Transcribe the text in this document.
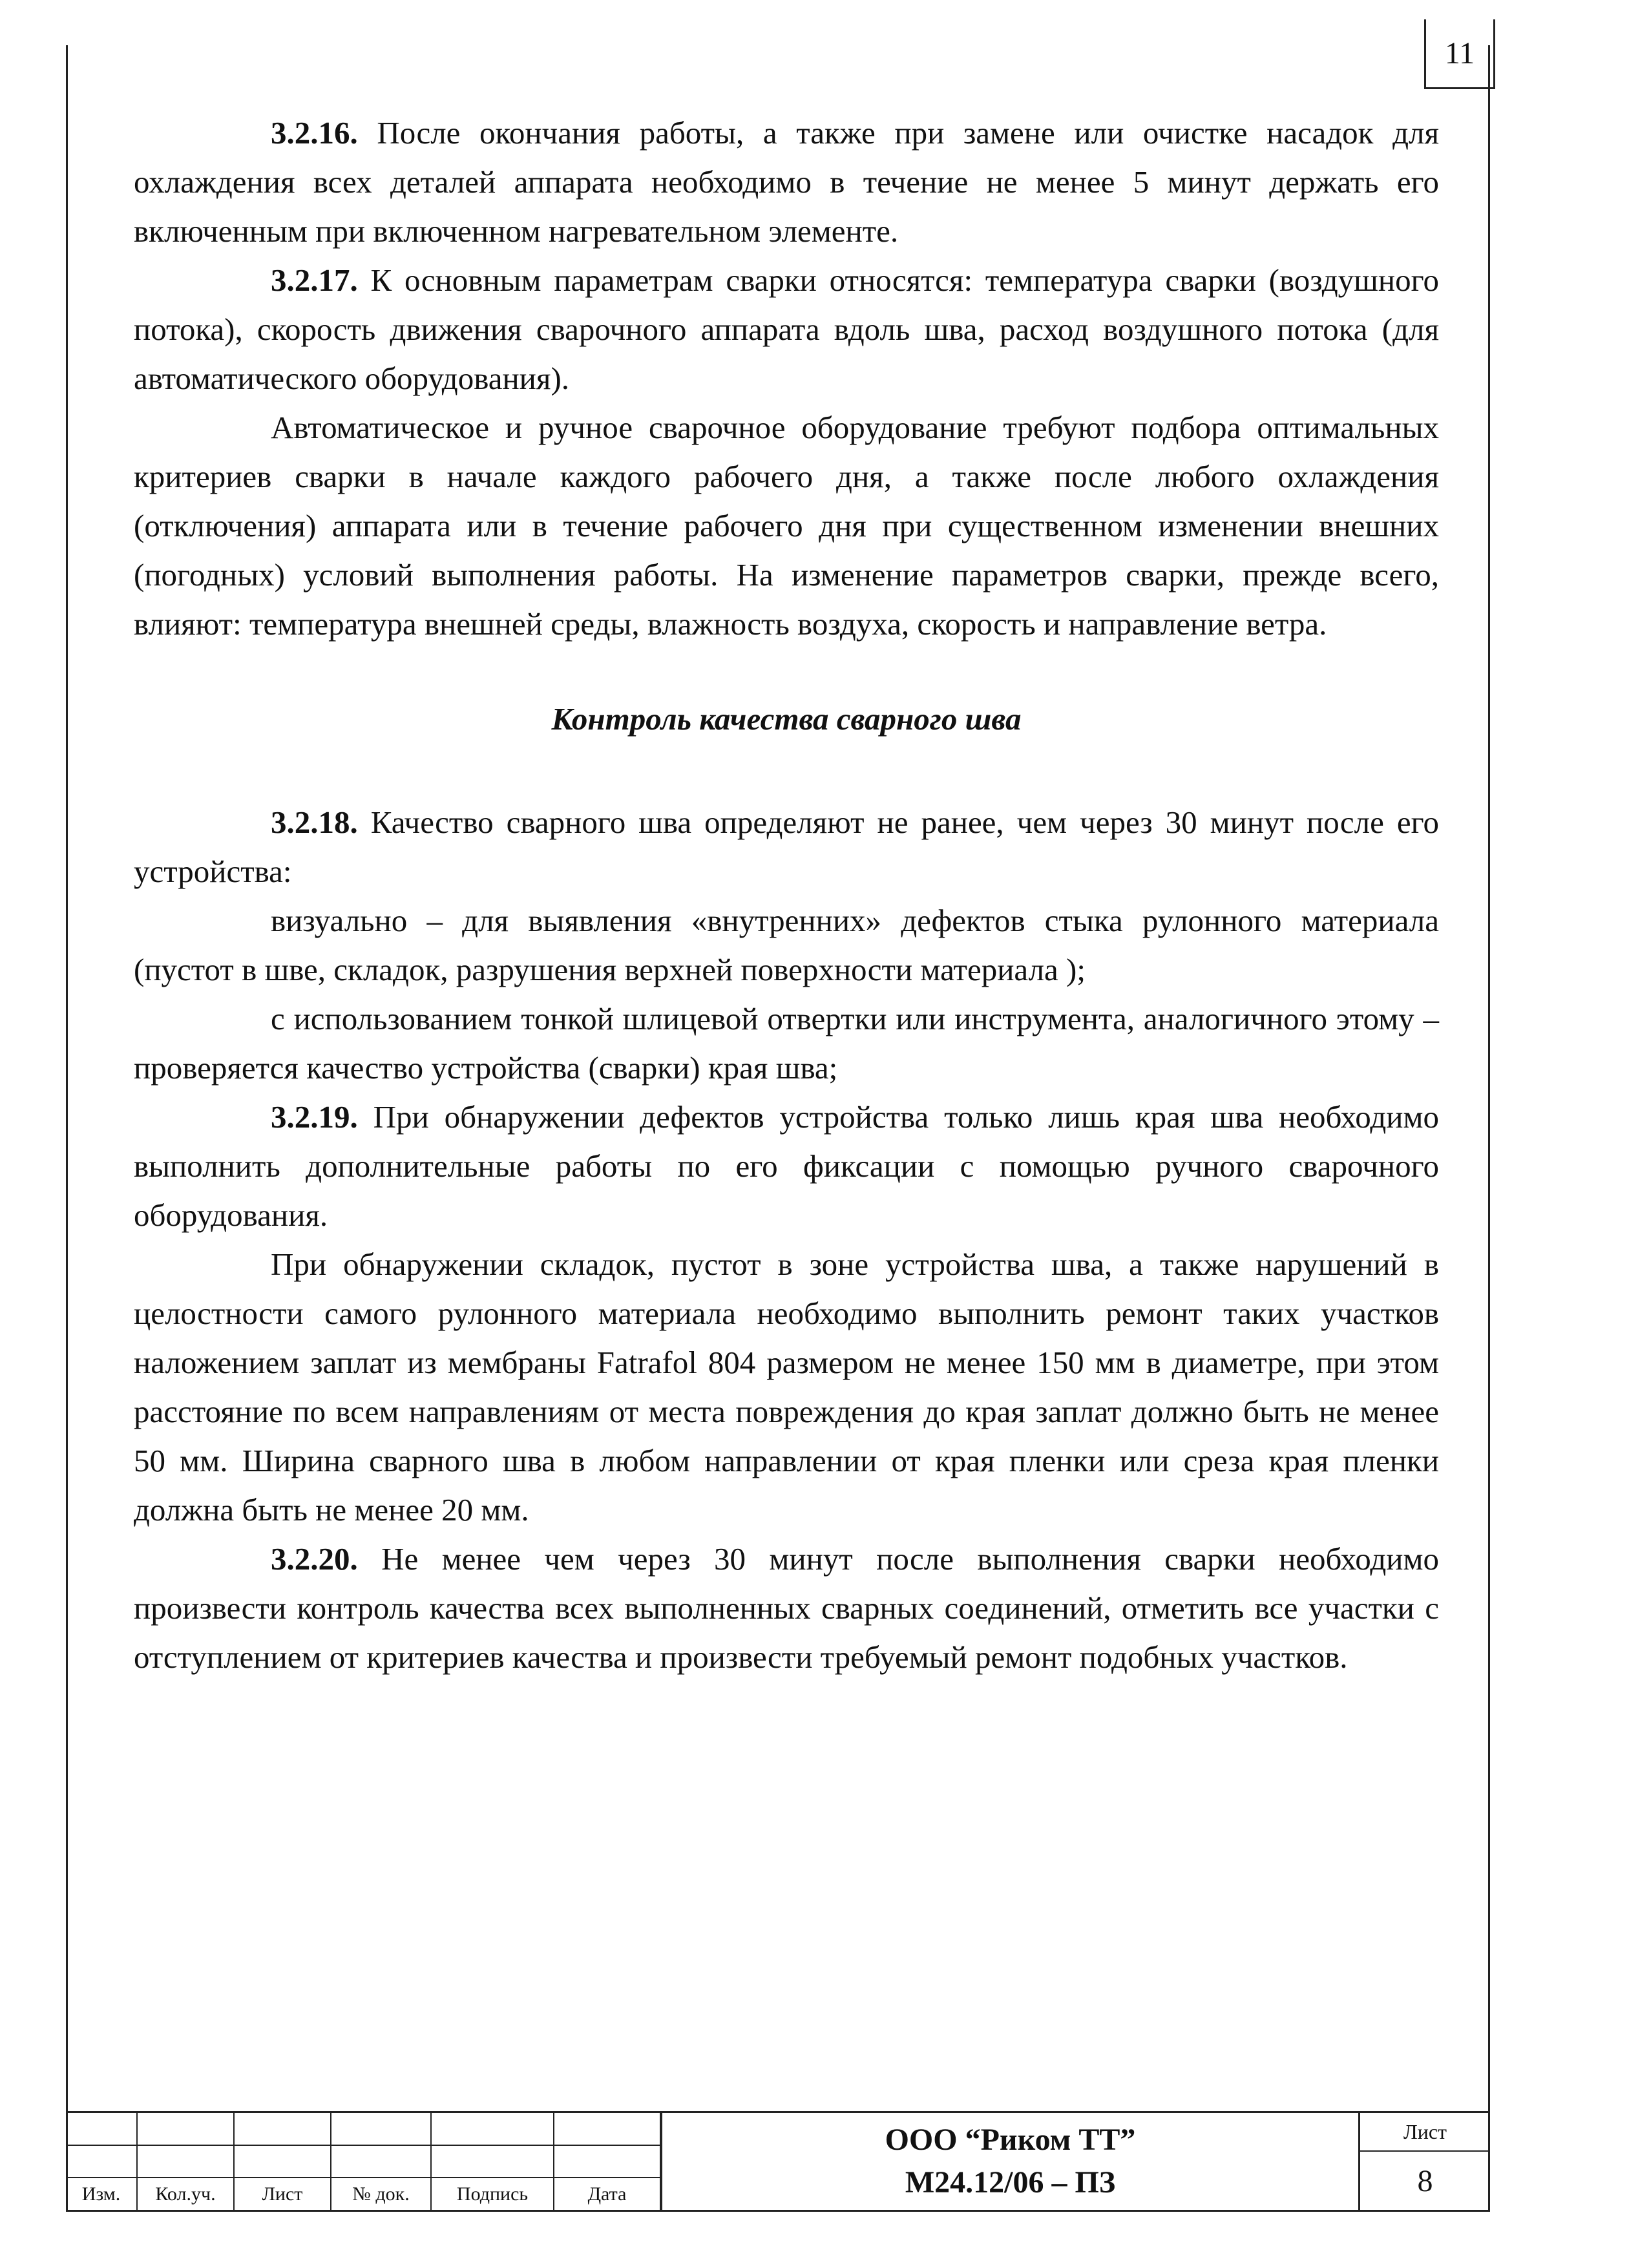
11

3.2.16. После окончания работы, а также при замене или очистке насадок для охлаждения всех деталей аппарата необходимо в течение не менее 5 минут держать его включенным при включенном нагревательном элементе.

3.2.17. К основным параметрам сварки относятся: температура сварки (воздушного потока), скорость движения сварочного аппарата вдоль шва, расход воздушного потока (для автоматического оборудования).

Автоматическое и ручное сварочное оборудование требуют подбора оптимальных критериев сварки в начале каждого рабочего дня, а также после любого охлаждения (отключения) аппарата или в течение рабочего дня при существенном изменении внешних (погодных) условий выполнения работы. На изменение параметров сварки, прежде всего, влияют: температура внешней среды, влажность воздуха, скорость и направление ветра.

Контроль качества сварного шва

3.2.18. Качество сварного шва определяют не ранее, чем через 30 минут после его устройства:

визуально – для выявления «внутренних» дефектов стыка рулонного материала (пустот в шве, складок, разрушения верхней поверхности материала );

с использованием тонкой шлицевой отвертки или инструмента, аналогичного этому – проверяется качество устройства (сварки) края шва;

3.2.19. При обнаружении дефектов устройства только лишь края шва необходимо выполнить дополнительные работы по его фиксации с помощью ручного сварочного оборудования.

При обнаружении складок, пустот в зоне устройства шва, а также нарушений в целостности самого рулонного материала необходимо выполнить ремонт таких участков наложением заплат из мембраны Fatrafol 804 размером не менее 150 мм в диаметре, при этом расстояние по всем направлениям от места повреждения до края заплат должно быть не менее 50 мм. Ширина сварного шва в любом направлении от края пленки или среза края пленки должна быть не менее 20 мм.

3.2.20. Не менее чем через 30 минут после выполнения сварки необходимо произвести контроль качества всех выполненных сварных соединений, отметить все участки с отступлением от критериев качества и произвести требуемый ремонт подобных участков.

Изм.	Кол.уч.	Лист	№ док.	Подпись	Дата
ООО “Риком ТТ”
М24.12/06 – ПЗ
Лист
8
